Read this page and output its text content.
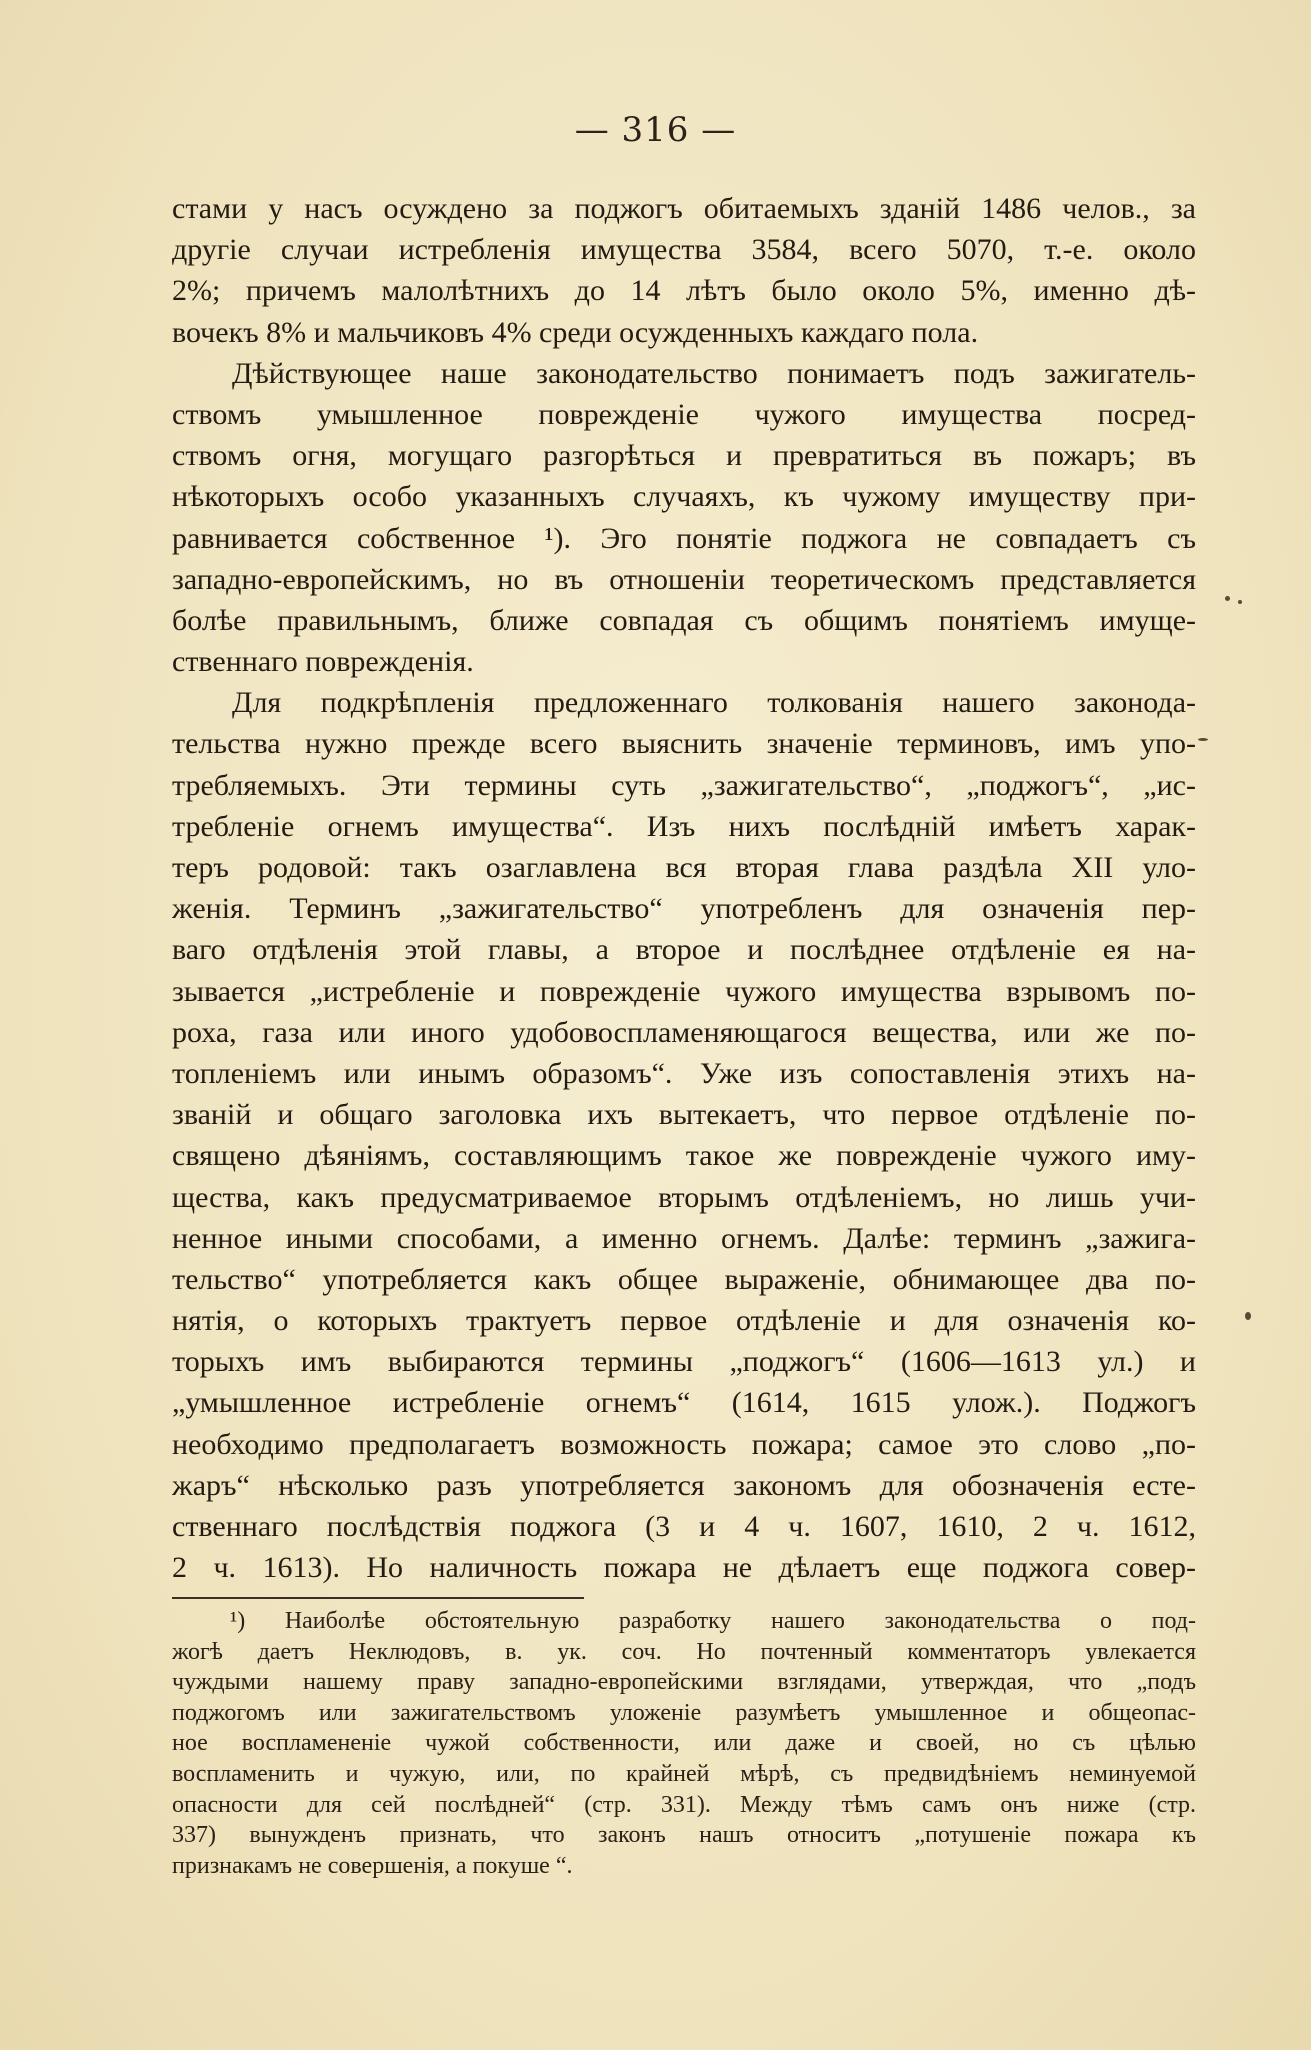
— 316 —
стами у насъ осуждено за поджогъ обитаемыхъ зданій 1486 челов., за
другіе случаи истребленія имущества 3584, всего 5070, т.-е. около
2%; причемъ малолѣтнихъ до 14 лѣтъ было около 5%, именно дѣ-
вочекъ 8% и мальчиковъ 4% среди осужденныхъ каждаго пола.
Дѣйствующее наше законодательство понимаетъ подъ зажигатель-
ствомъ умышленное поврежденіе чужого имущества посред-
ствомъ огня, могущаго разгорѣться и превратиться въ пожаръ; въ
нѣкоторыхъ особо указанныхъ случаяхъ, къ чужому имуществу при-
равнивается собственное ¹). Эго понятіе поджога не совпадаетъ съ
западно-европейскимъ, но въ отношеніи теоретическомъ представляется
болѣе правильнымъ, ближе совпадая съ общимъ понятіемъ имуще-
ственнаго поврежденія.
Для подкрѣпленія предложеннаго толкованія нашего законода-
тельства нужно прежде всего выяснить значеніе терминовъ, имъ упо-
требляемыхъ. Эти термины суть „зажигательство“, „поджогъ“, „ис-
требленіе огнемъ имущества“. Изъ нихъ послѣдній имѣетъ харак-
теръ родовой: такъ озаглавлена вся вторая глава раздѣла XII уло-
женія. Терминъ „зажигательство“ употребленъ для означенія пер-
ваго отдѣленія этой главы, а второе и послѣднее отдѣленіе ея на-
зывается „истребленіе и поврежденіе чужого имущества взрывомъ по-
роха, газа или иного удобовоспламеняющагося вещества, или же по-
топленіемъ или инымъ образомъ“. Уже изъ сопоставленія этихъ на-
званій и общаго заголовка ихъ вытекаетъ, что первое отдѣленіе по-
священо дѣяніямъ, составляющимъ такое же поврежденіе чужого иму-
щества, какъ предусматриваемое вторымъ отдѣленіемъ, но лишь учи-
ненное иными способами, а именно огнемъ. Далѣе: терминъ „зажига-
тельство“ употребляется какъ общее выраженіе, обнимающее два по-
нятія, о которыхъ трактуетъ первое отдѣленіе и для означенія ко-
торыхъ имъ выбираются термины „поджогъ“ (1606—1613 ул.) и
„умышленное истребленіе огнемъ“ (1614, 1615 улож.). Поджогъ
необходимо предполагаетъ возможность пожара; самое это слово „по-
жаръ“ нѣсколько разъ употребляется закономъ для обозначенія есте-
ственнаго послѣдствія поджога (3 и 4 ч. 1607, 1610, 2 ч. 1612,
2 ч. 1613). Но наличность пожара не дѣлаетъ еще поджога совер-
¹) Наиболѣе обстоятельную разработку нашего законодательства о под-
жогѣ даетъ Неклюдовъ, в. ук. соч. Но почтенный комментаторъ увлекается
чуждыми нашему праву западно-европейскими взглядами, утверждая, что „подъ
поджогомъ или зажигательствомъ уложеніе разумѣетъ умышленное и общеопас-
ное воспламененіе чужой собственности, или даже и своей, но съ цѣлью
воспламенить и чужую, или, по крайней мѣрѣ, съ предвидѣніемъ неминуемой
опасности для сей послѣдней“ (стр. 331). Между тѣмъ самъ онъ ниже (стр.
337) вынужденъ признать, что законъ нашъ относитъ „потушеніе пожара къ
признакамъ не совершенія, а покуше “.
